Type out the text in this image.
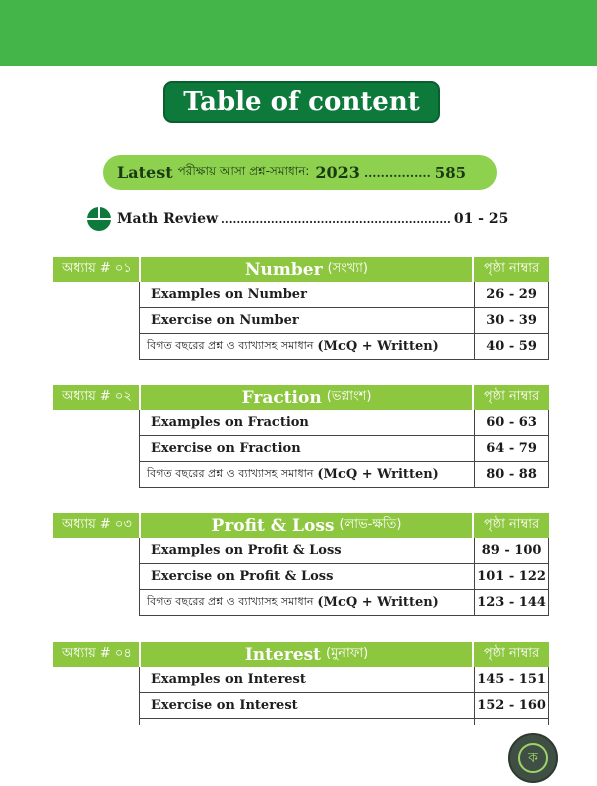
Table of content
Latest পরীক্ষায় আসা প্রশ্ন-সমাধান: 2023 ................ 585
Math Review ............................................................ 01 - 25
অধ্যায় # ০১	Number (সংখ্যা)	পৃষ্ঠা নাম্বার
Examples on Number	26 - 29
Exercise on Number	30 - 39
বিগত বছরের প্রশ্ন ও ব্যাখ্যাসহ সমাধান (McQ + Written)	40 - 59
অধ্যায় # ০২	Fraction (ভগ্নাংশ)	পৃষ্ঠা নাম্বার
Examples on Fraction	60 - 63
Exercise on Fraction	64 - 79
বিগত বছরের প্রশ্ন ও ব্যাখ্যাসহ সমাধান (McQ + Written)	80 - 88
অধ্যায় # ০৩	Profit & Loss (লাভ-ক্ষতি)	পৃষ্ঠা নাম্বার
Examples on Profit & Loss	89 - 100
Exercise on Profit & Loss	101 - 122
বিগত বছরের প্রশ্ন ও ব্যাখ্যাসহ সমাধান (McQ + Written)	123 - 144
অধ্যায় # ০৪	Interest (মুনাফা)	পৃষ্ঠা নাম্বার
Examples on Interest	145 - 151
Exercise on Interest	152 - 160
ক
